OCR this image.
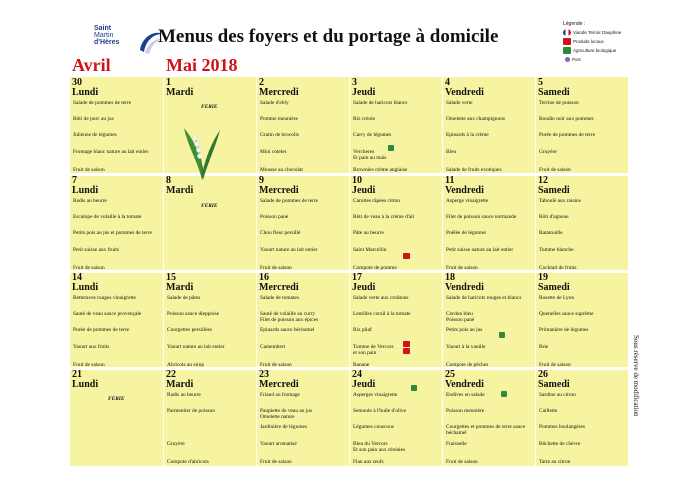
Saint
Martin
d'Hères Menus des foyers et du portage à domicile
Légende :
Viande Terroir Dauphine
Produits locaux
Agriculture biologique
Porc
Avril	Mai 2018
30
Lundi
Salade de pommes de terre
Rôti de porc au jus
Julienne de légumes
Fromage blanc nature au lait entier
Fruit de saison
1
Mardi
2
Mercredi
Salade d'ebly
Pomme meunière
Gratin de brocolis
Mini cotelet
Mousse au chocolat
3
Jeudi
Salade de haricots blancs
Riz créole
Curry de légumes
Vercheres
Et pain au maïs
Brownies crème anglaise
4
Vendredi
Salade verte
Omelette aux champignons
Epinards à la crème
Bleu
Salade de fruits exotiques
5
Samedi
Terrine de poisson
Boudin noir aux pommes
Purée de pommes de terre
Gruyère
Fruit de saison
7
Lundi
Radis au beurre
Escalope de volaille à la tomate
Petits pois au jus et pommes de terre
Petit suisse aux fruits
Fruit de saison
8
Mardi
9
Mercredi
Salade de pommes de terre
Poisson pané
Chou fleur persillé
Yaourt nature au lait entier
Fruit de saison
10
Jeudi
Carottes râpées citron
Rôti de veau à la crème d'ail
Pâte au beurre
Saint Marcellin
Compote de pomme
11
Vendredi
Asperge vinaigrette
Filet de poisson sauce normande
Poêlée de légumes
Petit suisse nature au lait entier
Fruit de saison
12
Samedi
Taboulé aux raisins
Rôti d'agneau
Ratatouille
Tomme blanche
Cocktail de fruits
14
Lundi
Betteraves rouges vinaigrette
Sauté de veau sauce provençale
Purée de pommes de terre
Yaourt aux fruits
Fruit de saison
15
Mardi
Salade de pâtes
Poisson sauce dieppoise
Courgettes persillées
Yaourt nature au lait entier
Abricots au sirop
16
Mercredi
Salade de tomates
Sauté de volaille au curry
Filet de poisson aux épices
Epinards sauce béchamel
Camembert
Fruit de saison
17
Jeudi
Salade verte aux croûtons
Lentilles corail à la tomate
Riz pilaf
Tomme de Vercors
et son pain
Banane
18
Vendredi
Salade de haricots rouges et blancs
Cordon bleu
Poisson pané
Petits pois au jus
Yaourt à la vanille
Compote de pêches
19
Samedi
Rosette de Lyon
Quenelles sauce suprême
Printanière de légumes
Brie
Fruit de saison
21
Lundi
22
Mardi
Radis au beurre
Parmentier de poisson
Gruyère
Compote d'abricots
23
Mercredi
Friand au fromage
Paupiette de veau au jus
Omelette nature
Jardinière de légumes
Yaourt aromatisé
Fruit de saison
24
Jeudi
Asperges vinaigrette
Semoule à l'huile d'olive
Légumes couscous
Bleu du Vercors
Et son pain aux céréales
Flan aux œufs
25
Vendredi
Endives en salade
Poisson meunière
Courgettes et pommes de terre sauce béchamel
Fraisselle
Fruit de saison
26
Samedi
Sardine au citron
Caillette
Pommes boulangères
Bûchette de chèvre
Tarte au citron
FERIE
FERIE
FERIE	Sous réserve de modification
